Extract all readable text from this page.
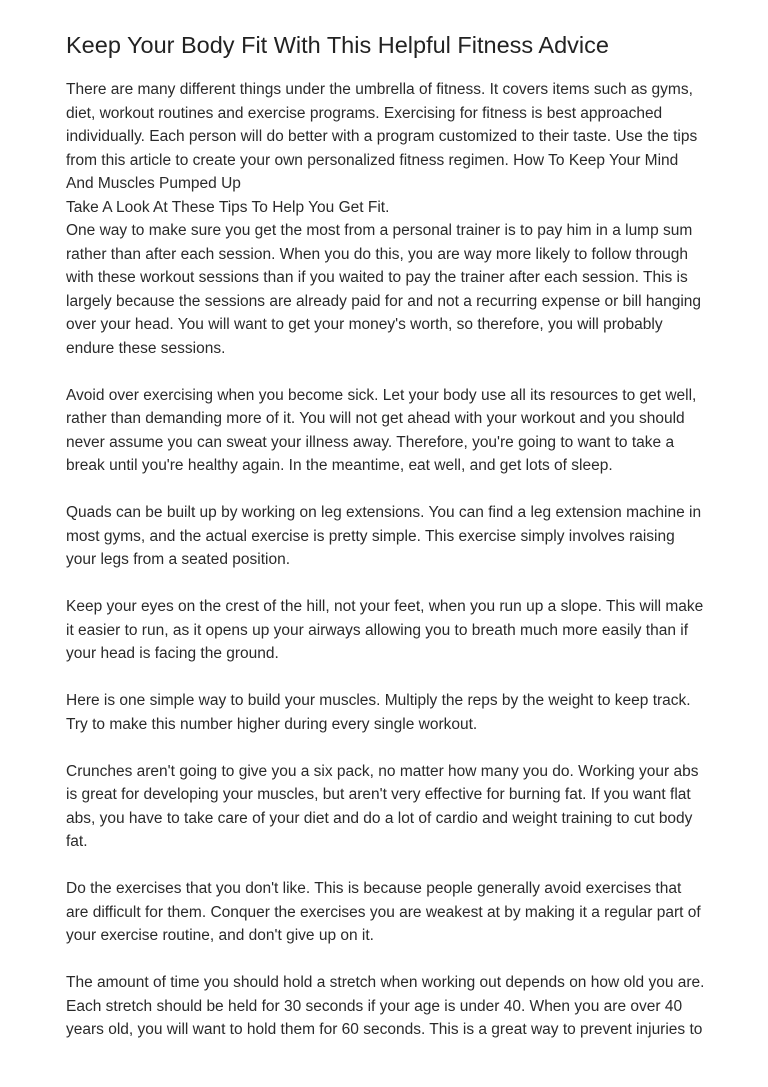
Keep Your Body Fit With This Helpful Fitness Advice

There are many different things under the umbrella of fitness. It covers items such as gyms,
diet, workout routines and exercise programs. Exercising for fitness is best approached
individually. Each person will do better with a program customized to their taste. Use the tips
from this article to create your own personalized fitness regimen. How To Keep Your Mind
And Muscles Pumped Up
Take A Look At These Tips To Help You Get Fit.
One way to make sure you get the most from a personal trainer is to pay him in a lump sum
rather than after each session. When you do this, you are way more likely to follow through
with these workout sessions than if you waited to pay the trainer after each session. This is
largely because the sessions are already paid for and not a recurring expense or bill hanging
over your head. You will want to get your money's worth, so therefore, you will probably
endure these sessions.

Avoid over exercising when you become sick. Let your body use all its resources to get well,
rather than demanding more of it. You will not get ahead with your workout and you should
never assume you can sweat your illness away. Therefore, you're going to want to take a
break until you're healthy again. In the meantime, eat well, and get lots of sleep.

Quads can be built up by working on leg extensions. You can find a leg extension machine in
most gyms, and the actual exercise is pretty simple. This exercise simply involves raising
your legs from a seated position.

Keep your eyes on the crest of the hill, not your feet, when you run up a slope. This will make
it easier to run, as it opens up your airways allowing you to breath much more easily than if
your head is facing the ground.

Here is one simple way to build your muscles. Multiply the reps by the weight to keep track.
Try to make this number higher during every single workout.

Crunches aren't going to give you a six pack, no matter how many you do. Working your abs
is great for developing your muscles, but aren't very effective for burning fat. If you want flat
abs, you have to take care of your diet and do a lot of cardio and weight training to cut body
fat.

Do the exercises that you don't like. This is because people generally avoid exercises that
are difficult for them. Conquer the exercises you are weakest at by making it a regular part of
your exercise routine, and don't give up on it.

The amount of time you should hold a stretch when working out depends on how old you are.
Each stretch should be held for 30 seconds if your age is under 40. When you are over 40
years old, you will want to hold them for 60 seconds. This is a great way to prevent injuries to
